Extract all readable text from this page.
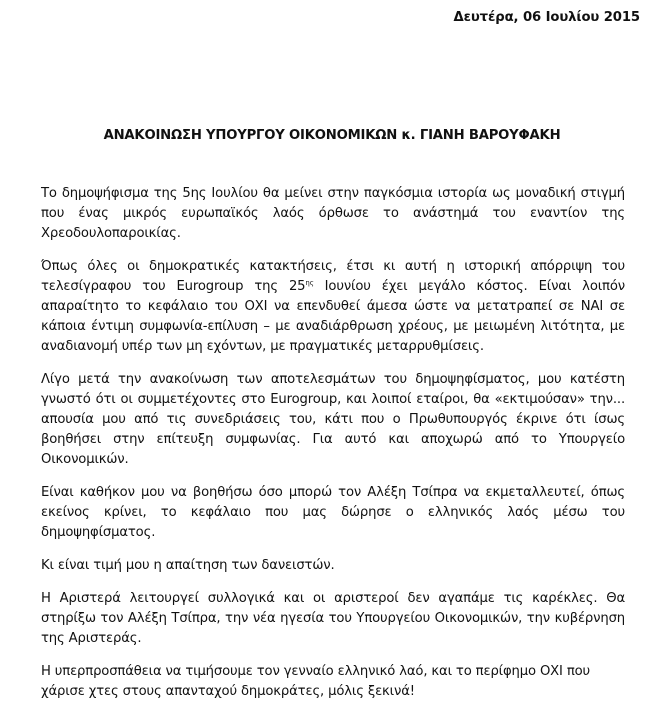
Δευτέρα, 06 Ιουλίου 2015
ΑΝΑΚΟΙΝΩΣΗ ΥΠΟΥΡΓΟΥ ΟΙΚΟΝΟΜΙΚΩΝ κ. ΓΙΑΝΗ ΒΑΡΟΥΦΑΚΗ

Το δημοψήφισμα της 5ης Ιουλίου θα μείνει στην παγκόσμια ιστορία ως μοναδική στιγμή που ένας μικρός ευρωπαϊκός λαός όρθωσε το ανάστημά του εναντίον της Χρεοδουλοπαροικίας.

Όπως όλες οι δημοκρατικές κατακτήσεις, έτσι κι αυτή η ιστορική απόρριψη του τελεσίγραφου του Eurogroup της $25^{\eta\varsigma}$ Ιουνίου έχει μεγάλο κόστος. Είναι λοιπόν απαραίτητο το κεφάλαιο του ΟΧΙ να επενδυθεί άμεσα ώστε να μετατραπεί σε ΝΑΙ σε κάποια έντιμη συμφωνία-επίλυση – με αναδιάρθρωση χρέους, με μειωμένη λιτότητα, με αναδιανομή υπέρ των μη εχόντων, με πραγματικές μεταρρυθμίσεις.

Λίγο μετά την ανακοίνωση των αποτελεσμάτων του δημοψηφίσματος, μου κατέστη γνωστό ότι οι συμμετέχοντες στο Eurogroup, και λοιποί εταίροι, θα «εκτιμούσαν» την... απουσία μου από τις συνεδριάσεις του, κάτι που ο Πρωθυπουργός έκρινε ότι ίσως βοηθήσει στην επίτευξη συμφωνίας. Για αυτό και αποχωρώ από το Υπουργείο Οικονομικών.

Είναι καθήκον μου να βοηθήσω όσο μπορώ τον Αλέξη Τσίπρα να εκμεταλλευτεί, όπως εκείνος κρίνει, το κεφάλαιο που μας δώρησε ο ελληνικός λαός μέσω του δημοψηφίσματος.

Κι είναι τιμή μου η απαίτηση των δανειστών.

Η Αριστερά λειτουργεί συλλογικά και οι αριστεροί δεν αγαπάμε τις καρέκλες. Θα στηρίξω τον Αλέξη Τσίπρα, την νέα ηγεσία του Υπουργείου Οικονομικών, την κυβέρνηση της Αριστεράς.

Η υπερπροσπάθεια να τιμήσουμε τον γενναίο ελληνικό λαό, και το περίφημο ΟΧΙ που χάρισε χτες στους απανταχού δημοκράτες, μόλις ξεκινά!
